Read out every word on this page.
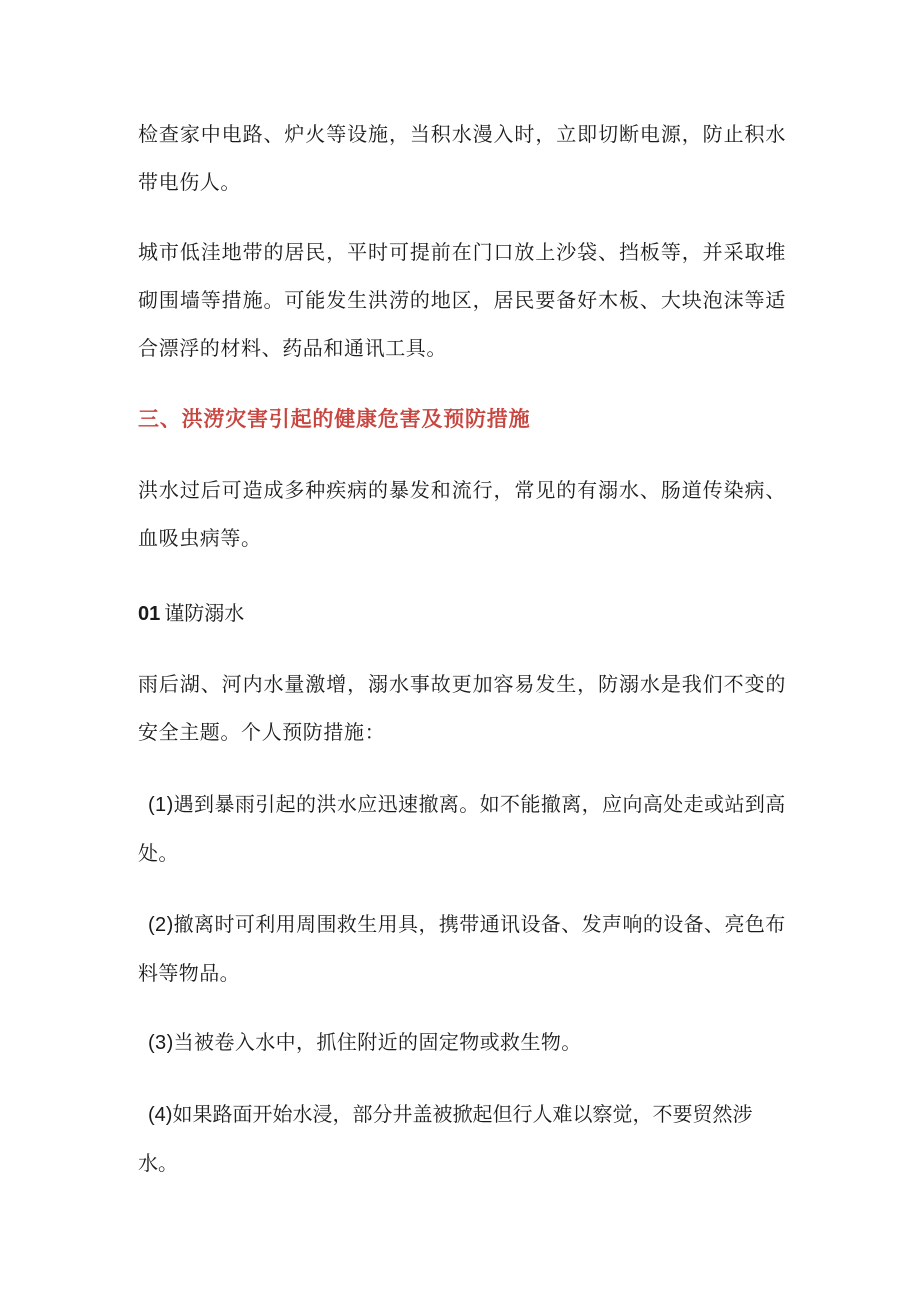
检查家中电路、炉火等设施，当积水漫入时，立即切断电源，防止积水带电伤人。

城市低洼地带的居民，平时可提前在门口放上沙袋、挡板等，并采取堆砌围墙等措施。可能发生洪涝的地区，居民要备好木板、大块泡沫等适合漂浮的材料、药品和通讯工具。

三、洪涝灾害引起的健康危害及预防措施

洪水过后可造成多种疾病的暴发和流行，常见的有溺水、肠道传染病、血吸虫病等。

01 谨防溺水

雨后湖、河内水量激增，溺水事故更加容易发生，防溺水是我们不变的安全主题。个人预防措施：

(1)遇到暴雨引起的洪水应迅速撤离。如不能撤离，应向高处走或站到高处。

(2)撤离时可利用周围救生用具，携带通讯设备、发声响的设备、亮色布料等物品。

(3)当被卷入水中，抓住附近的固定物或救生物。

(4)如果路面开始水浸，部分井盖被掀起但行人难以察觉，不要贸然涉水。
